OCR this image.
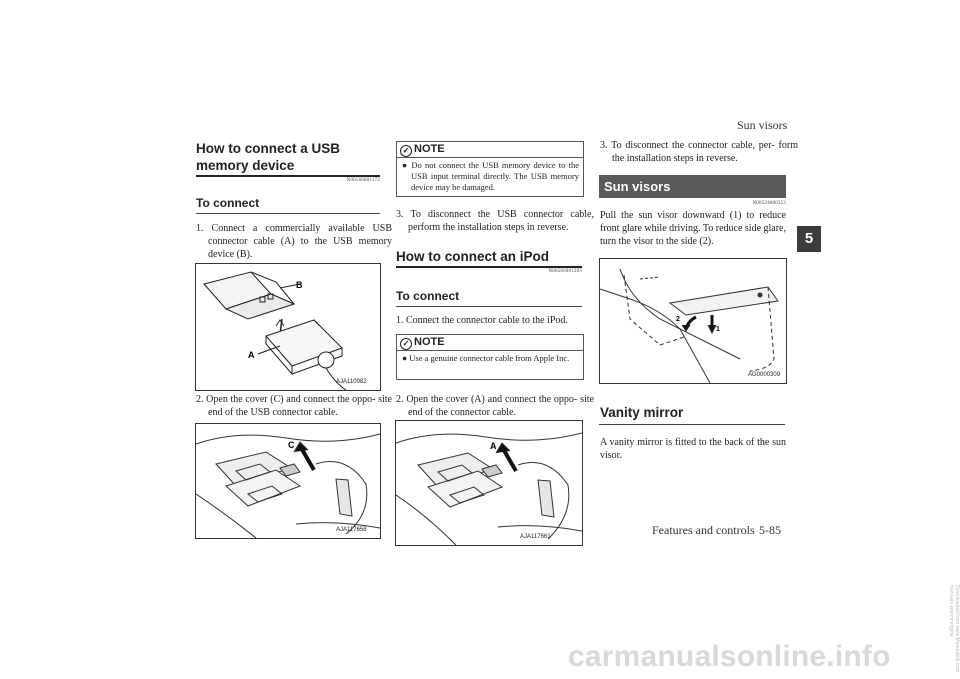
Sun visors
Features and controls 5-85
5
How to connect a USB memory device
N00566801172
To connect
1. Connect a commercially available USB connector cable (A) to the USB memory device (B).
B
A
AJA110082
2. Open the cover (C) and connect the oppo- site end of the USB connector cable.
C
AJA117658
✓ NOTE
● Do not connect the USB memory device to the USB input terminal directly. The USB memory device may be damaged.
3. To disconnect the USB connector cable, perform the installation steps in reverse.
How to connect an iPod
N00566901203
To connect
1. Connect the connector cable to the iPod.
✓ NOTE
● Use a genuine connector cable from Apple Inc.
2. Open the cover (A) and connect the oppo- site end of the connector cable.
A
AJA117661
3. To disconnect the connector cable, per- form the installation steps in reverse.
Sun visors
N00524600353
Pull the sun visor downward (1) to reduce front glare while driving. To reduce side glare, turn the visor to the side (2).
1
2
AG0000309
Vanity mirror
A vanity mirror is fitted to the back of the sun visor.
carmanualsonline.info	Downloaded from www.Manualslib.com manuals search engine
